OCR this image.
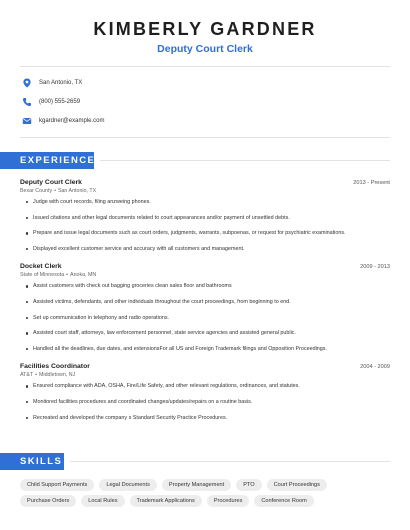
KIMBERLY GARDNER
Deputy Court Clerk
San Antonio, TX
(800) 555-2659
kgardner@example.com
EXPERIENCE
Deputy Court Clerk	2013 - Present
Bexar County • San Antonio, TX
Judge with court records, filing anzweing phones.
Issued citations and other legal documents related to court appearances and/or payment of unsettled debts.
Prepare and issue legal documents such as court orders, judgments, warrants, subpoenas, or request for psychiatric examinations.
Displayed excellent customer service and accuracy with all customers and management.
Docket Clerk	2009 - 2013
State of Minnesota • Anoka, MN
Assist customers with check out bagging groceries clean sales floor and bathrooms
Assisted victims, defendants, and other individuals throughout the court proceedings, from beginning to end.
Set up communication in telephony and radio operations.
Assisted court staff, attorneys, law enforcement personnel, state service agencies and assisted general public.
Handled all the deadlines, due dates, and extensionsFor all US and Foreign Trademark filings and Opposition Proceedings.
Facilities Coordinator	2004 - 2009
AT&T • Middletown, NJ
Ensured compliance with ADA, OSHA, Fire/Life Safety, and other relevant regulations, ordinances, and statutes.
Monitored facilities procedures and coordinated changes/updates/repairs on a routine basis.
Recreated and developed the company s Standard Security Practice Procedures.
SKILLS
Child Support Payments	Legal Documents	Property Management	PTO	Court Proceedings
Purchase Orders	Local Rules	Trademark Applications	Procedures	Conference Room
